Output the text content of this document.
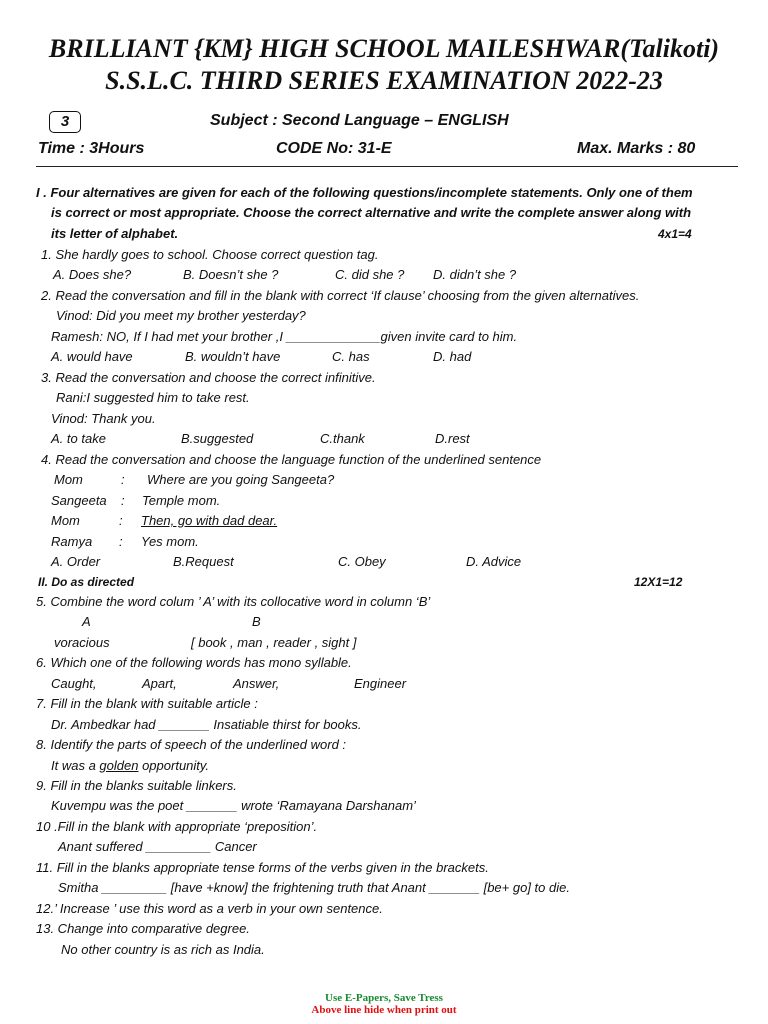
BRILLIANT {KM} HIGH SCHOOL MAILESHWAR(Talikoti)
S.S.L.C. THIRD SERIES EXAMINATION 2022-23
3	Subject : Second Language – ENGLISH
Time : 3Hours	CODE No: 31-E	Max. Marks : 80
I . Four alternatives are given for each of the following questions/incomplete statements. Only one of them
is correct or most appropriate. Choose the correct alternative and write the complete answer along with
its letter of alphabet.	4x1=4
1. She hardly goes to school. Choose correct question tag.
A. Does she?	B. Doesn’t she ?	C. did she ? D. didn’t she ?
2. Read the conversation and fill in the blank with correct ‘If clause’ choosing from the given alternatives.
Vinod: Did you meet my brother yesterday?
Ramesh: NO, If I had met your brother ,I _____________given invite card to him.
A. would have	B. wouldn’t have	C. has	D. had
3. Read the conversation and choose the correct infinitive.
Rani:I suggested him to take rest.
Vinod: Thank you.
A. to take	B.suggested	C.thank	D.rest
4. Read the conversation and choose the language function of the underlined sentence
Mom	: Where are you going Sangeeta?
Sangeeta : Temple mom.
Mom	: Then, go with dad dear.
Ramya : Yes mom.
A. Order	B.Request	C. Obey	D. Advice
II. Do as directed	12X1=12
5. Combine the word colum ’ A’ with its collocative word in column ‘B’
A	B
voracious	[ book , man , reader , sight ]
6. Which one of the following words has mono syllable.
Caught,	Apart,	Answer,	Engineer
7. Fill in the blank with suitable article :
Dr. Ambedkar had _______ Insatiable thirst for books.
8. Identify the parts of speech of the underlined word :
It was a golden opportunity.
9. Fill in the blanks suitable linkers.
Kuvempu was the poet _______ wrote ‘Ramayana Darshanam’
10 .Fill in the blank with appropriate ‘preposition’.
Anant suffered _________ Cancer
11. Fill in the blanks appropriate tense forms of the verbs given in the brackets.
Smitha _________ [have +know] the frightening truth that Anant _______ [be+ go] to die.
12.’ Increase ’ use this word as a verb in your own sentence.
13. Change into comparative degree.
No other country is as rich as India.
Use E-Papers, Save Tress
Above line hide when print out
